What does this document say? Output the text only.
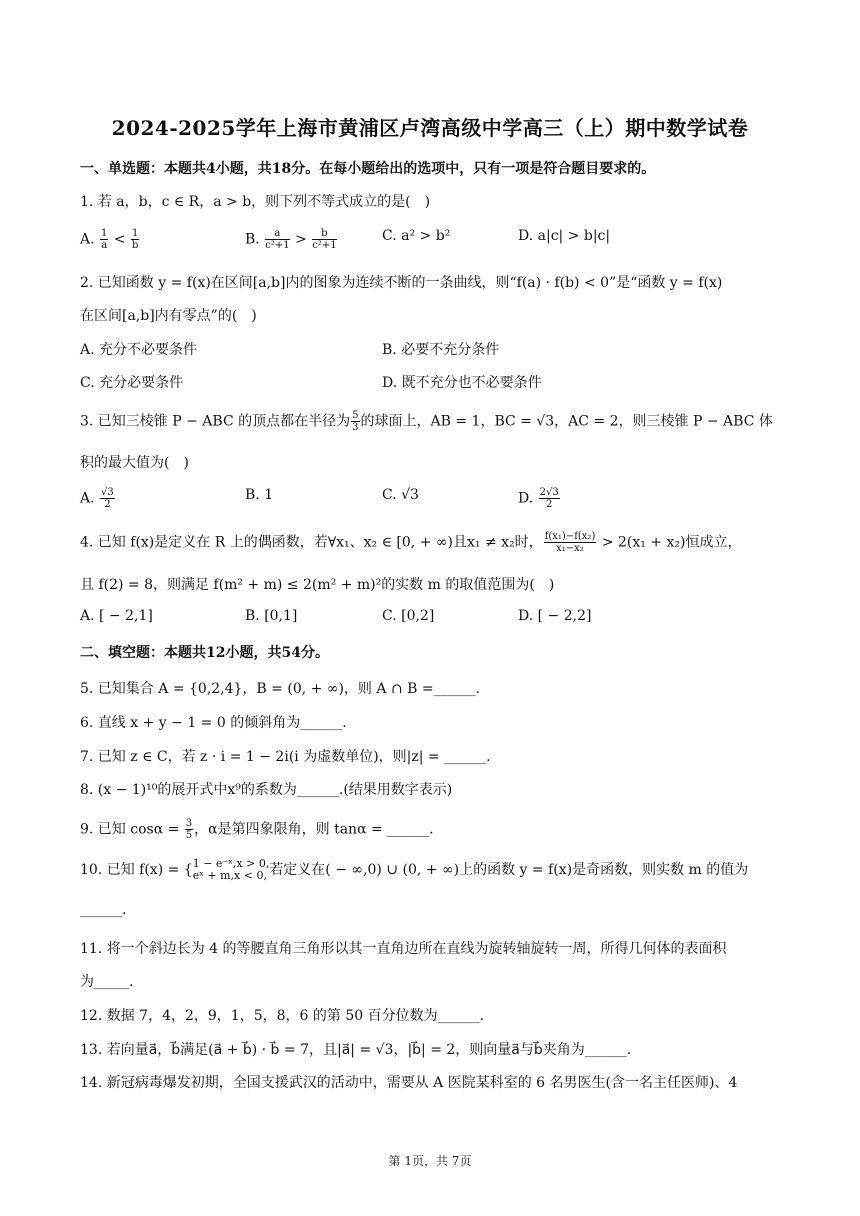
2024-2025学年上海市黄浦区卢湾高级中学高三（上）期中数学试卷
一、单选题：本题共4小题，共18分。在每小题给出的选项中，只有一项是符合题目要求的。
1. 若 a，b，c ∈ R，a > b，则下列不等式成立的是(　)
A. $\frac{1}{a} < \frac{1}{b}$	B. $\frac{a}{\text{c²+1}} > \frac{b}{\text{c²+1}}$	C. a² > b²	D. a|c| > b|c|
2. 已知函数 y = f(x)在区间[a,b]内的图象为连续不断的一条曲线，则“f(a) · f(b) < 0”是“函数 y = f(x)
在区间[a,b]内有零点”的(　)
A. 充分不必要条件	B. 必要不充分条件
C. 充分必要条件	D. 既不充分也不必要条件
3. 已知三棱锥 P − ABC 的顶点都在半径为 $\frac{5}{3}$ 的球面上，AB = 1，BC = √3，AC = 2，则三棱锥 P − ABC 体
积的最大值为(　)
A. $\frac{√3}{2}$	B. 1	C. √3	D. $\frac{2√3}{2}$
4. 已知 f(x)是定义在 R 上的偶函数，若∀x₁、x₂ ∈ [0, + ∞)且x₁ ≠ x₂时， $\frac{\text{f(x₁)−f(x₂)}}{\text{x₁−x₂}} > 2(x_1 + x_2)$恒成立，
且 f(2) = 8，则满足 f(m² + m) ≤ 2(m² + m)²的实数 m 的取值范围为(　)
A. [ − 2,1]	B. [0,1]	C. [0,2]	D. [ − 2,2]
二、填空题：本题共12小题，共54分。
5. 已知集合 A = {0,2,4}，B = (0, + ∞)，则 A ∩ B =______.
6. 直线 x + y − 1 = 0 的倾斜角为______.
7. 已知 z ∈ C，若 z · i = 1 − 2i(i 为虚数单位)，则|z| = ______.
8. (x − 1)¹⁰的展开式中x⁹的系数为______.(结果用数字表示)
9. 已知 $\cos\alpha = \frac{3}{5}$ ，α是第四象限角，则 tanα = ______.
10. 已知 f(x) = { 1 − e⁻ˣ,x > 0,
eˣ + m,x < 0, 若定义在( − ∞,0) ∪ (0, + ∞)上的函数 y = f(x)是奇函数，则实数 m 的值为
______.
11. 将一个斜边长为 4 的等腰直角三角形以其一直角边所在直线为旋转轴旋转一周，所得几何体的表面积
为_____.
12. 数据 7，4，2，9，1，5，8，6 的第 50 百分位数为______.
13. 若向量a⃗，b⃗满足(a⃗ + b⃗) · b⃗ = 7，且|a⃗| = √3，|b⃗| = 2，则向量a⃗与b⃗夹角为______.
14. 新冠病毒爆发初期，全国支援武汉的活动中，需要从 A 医院某科室的 6 名男医生(含一名主任医师)、4
第 1页，共 7页
